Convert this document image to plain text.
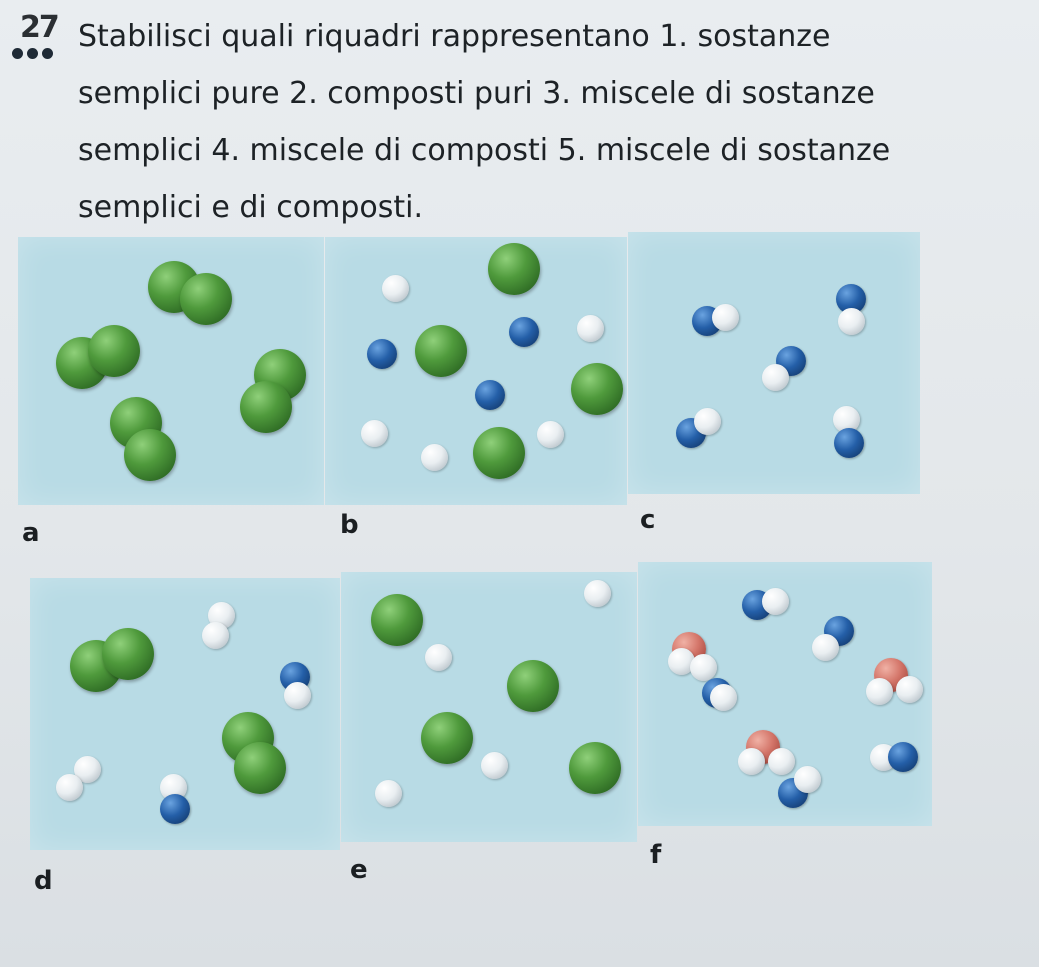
27 Stabilisci quali riquadri rappresentano 1. sostanze
semplici pure 2. composti puri 3. miscele di sostanze
semplici 4. miscele di composti 5. miscele di sostanze
semplici e di composti.
a	b	c
d	e	f
